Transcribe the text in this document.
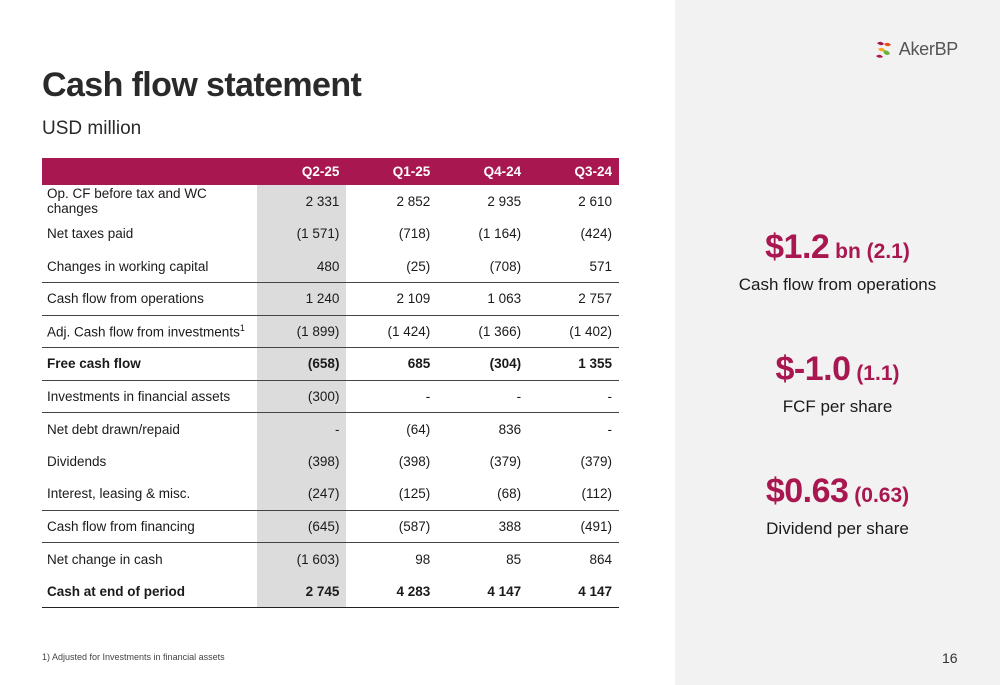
AkerBP
Cash flow statement
USD million
	Q2-25	Q1-25	Q4-24	Q3-24
Op. CF before tax and WC changes	2 331	2 852	2 935	2 610
Net taxes paid	(1 571)	(718)	(1 164)	(424)
Changes in working capital	480	(25)	(708)	571
Cash flow from operations	1 240	2 109	1 063	2 757
Adj. Cash flow from investments$^1$	(1 899)	(1 424)	(1 366)	(1 402)
Free cash flow	(658)	685	(304)	1 355
Investments in financial assets	(300)	-	-	-
Net debt drawn/repaid	-	(64)	836	-
Dividends	(398)	(398)	(379)	(379)
Interest, leasing & misc.	(247)	(125)	(68)	(112)
Cash flow from financing	(645)	(587)	388	(491)
Net change in cash	(1 603)	98	85	864
Cash at end of period	2 745	4 283	4 147	4 147
$1.2 bn (2.1)
Cash flow from operations
$-1.0 (1.1)
FCF per share
$0.63 (0.63)
Dividend per share
1) Adjusted for Investments in financial assets	16
